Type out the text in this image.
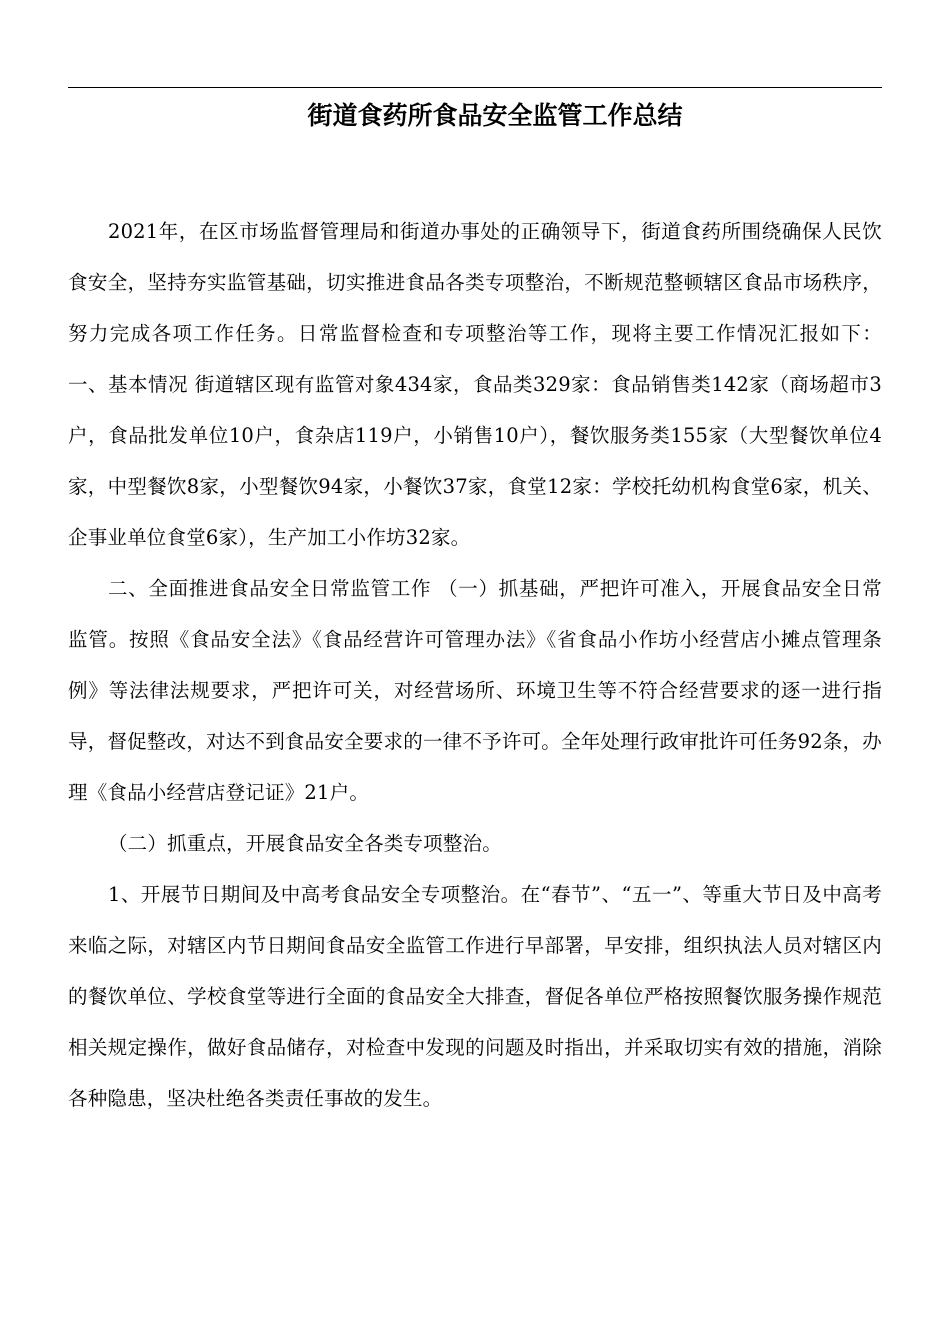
街道食药所食品安全监管工作总结

2021年，在区市场监督管理局和街道办事处的正确领导下，街道食药所围绕确保人民饮食安全，坚持夯实监管基础，切实推进食品各类专项整治，不断规范整顿辖区食品市场秩序，努力完成各项工作任务。日常监督检查和专项整治等工作，现将主要工作情况汇报如下： 一、基本情况 街道辖区现有监管对象434家，食品类329家：食品销售类142家（商场超市3户，食品批发单位10户，食杂店119户，小销售10户），餐饮服务类155家（大型餐饮单位4家，中型餐饮8家，小型餐饮94家，小餐饮37家，食堂12家：学校托幼机构食堂6家，机关、企事业单位食堂6家），生产加工小作坊32家。

二、全面推进食品安全日常监管工作 （一）抓基础，严把许可准入，开展食品安全日常监管。按照《食品安全法》《食品经营许可管理办法》《省食品小作坊小经营店小摊点管理条例》等法律法规要求，严把许可关，对经营场所、环境卫生等不符合经营要求的逐一进行指导，督促整改，对达不到食品安全要求的一律不予许可。全年处理行政审批许可任务92条，办理《食品小经营店登记证》21户。

（二）抓重点，开展食品安全各类专项整治。

1、开展节日期间及中高考食品安全专项整治。在“春节”、“五一”、等重大节日及中高考来临之际，对辖区内节日期间食品安全监管工作进行早部署，早安排，组织执法人员对辖区内的餐饮单位、学校食堂等进行全面的食品安全大排查，督促各单位严格按照餐饮服务操作规范相关规定操作，做好食品储存，对检查中发现的问题及时指出，并采取切实有效的措施，消除各种隐患，坚决杜绝各类责任事故的发生。
